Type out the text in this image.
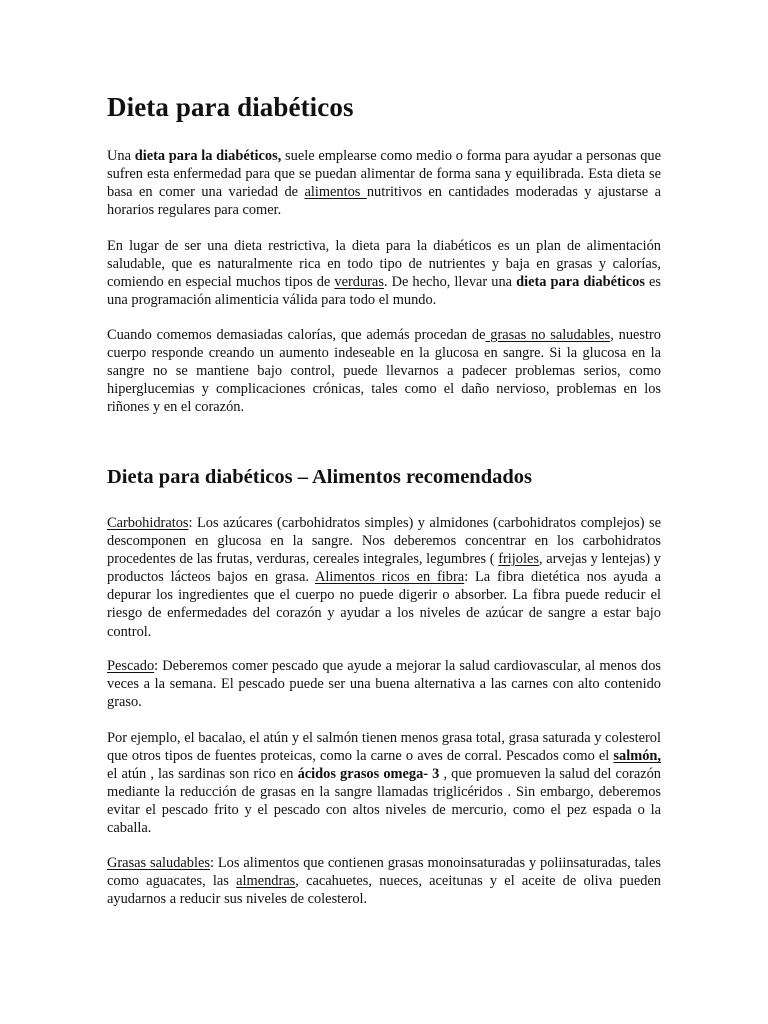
Dieta para diabéticos

Una dieta para la diabéticos, suele emplearse como medio o forma para ayudar a personas que sufren esta enfermedad para que se puedan alimentar de forma sana y equilibrada. Esta dieta se basa en comer una variedad de alimentos nutritivos en cantidades moderadas y ajustarse a horarios regulares para comer.

En lugar de ser una dieta restrictiva, la dieta para la diabéticos es un plan de alimentación saludable, que es naturalmente rica en todo tipo de nutrientes y baja en grasas y calorías, comiendo en especial muchos tipos de verduras. De hecho, llevar una dieta para diabéticos es una programación alimenticia válida para todo el mundo.

Cuando comemos demasiadas calorías, que además procedan de grasas no saludables, nuestro cuerpo responde creando un aumento indeseable en la glucosa en sangre. Si la glucosa en la sangre no se mantiene bajo control, puede llevarnos a padecer problemas serios, como hiperglucemias y complicaciones crónicas, tales como el daño nervioso, problemas en los riñones y en el corazón.

Dieta para diabéticos – Alimentos recomendados

Carbohidratos: Los azúcares (carbohidratos simples) y almidones (carbohidratos complejos) se descomponen en glucosa en la sangre. Nos deberemos concentrar en los carbohidratos procedentes de las frutas, verduras, cereales integrales, legumbres ( frijoles, arvejas y lentejas) y productos lácteos bajos en grasa. Alimentos ricos en fibra: La fibra dietética nos ayuda a depurar los ingredientes que el cuerpo no puede digerir o absorber. La fibra puede reducir el riesgo de enfermedades del corazón y ayudar a los niveles de azúcar de sangre a estar bajo control.

Pescado: Deberemos comer pescado que ayude a mejorar la salud cardiovascular, al menos dos veces a la semana. El pescado puede ser una buena alternativa a las carnes con alto contenido graso.

Por ejemplo, el bacalao, el atún y el salmón tienen menos grasa total, grasa saturada y colesterol que otros tipos de fuentes proteicas, como la carne o aves de corral. Pescados como el salmón, el atún , las sardinas son rico en ácidos grasos omega- 3 , que promueven la salud del corazón mediante la reducción de grasas en la sangre llamadas triglicéridos . Sin embargo, deberemos evitar el pescado frito y el pescado con altos niveles de mercurio, como el pez espada o la caballa.

Grasas saludables: Los alimentos que contienen grasas monoinsaturadas y poliinsaturadas, tales como aguacates, las almendras, cacahuetes, nueces, aceitunas y el aceite de oliva pueden ayudarnos a reducir sus niveles de colesterol.
